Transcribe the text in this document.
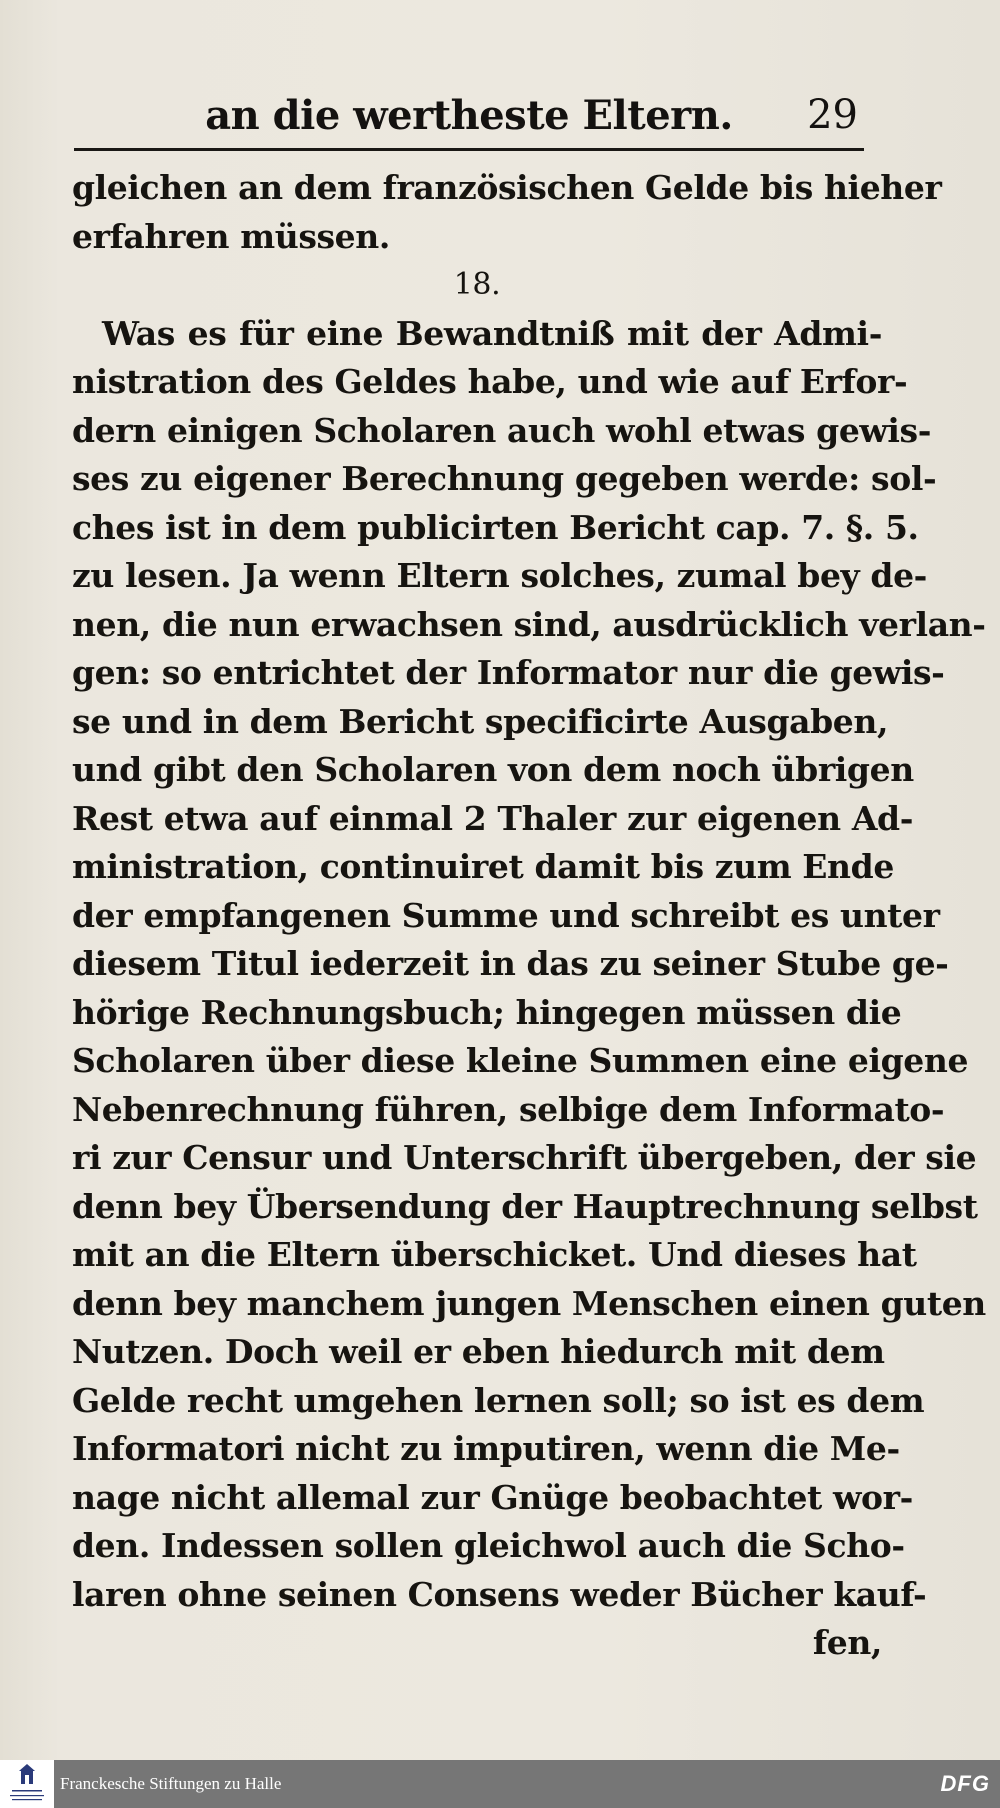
an die wertheste Eltern.	29
gleichen an dem französischen Gelde bis hieher
erfahren müssen.
18.
Was es für eine Bewandtniß mit der Admi-
nistration des Geldes habe, und wie auf Erfor-
dern einigen Scholaren auch wohl etwas gewis-
ses zu eigener Berechnung gegeben werde: sol-
ches ist in dem publicirten Bericht cap. 7. §. 5.
zu lesen. Ja wenn Eltern solches, zumal bey de-
nen, die nun erwachsen sind, ausdrücklich verlan-
gen: so entrichtet der Informator nur die gewis-
se und in dem Bericht specificirte Ausgaben,
und gibt den Scholaren von dem noch übrigen
Rest etwa auf einmal 2 Thaler zur eigenen Ad-
ministration, continuiret damit bis zum Ende
der empfangenen Summe und schreibt es unter
diesem Titul iederzeit in das zu seiner Stube ge-
hörige Rechnungsbuch; hingegen müssen die
Scholaren über diese kleine Summen eine eigene
Nebenrechnung führen, selbige dem Informato-
ri zur Censur und Unterschrift übergeben, der sie
denn bey Übersendung der Hauptrechnung selbst
mit an die Eltern überschicket. Und dieses hat
denn bey manchem jungen Menschen einen guten
Nutzen. Doch weil er eben hiedurch mit dem
Gelde recht umgehen lernen soll; so ist es dem
Informatori nicht zu imputiren, wenn die Me-
nage nicht allemal zur Gnüge beobachtet wor-
den. Indessen sollen gleichwol auch die Scho-
laren ohne seinen Consens weder Bücher kauf-
fen,
Franckesche Stiftungen zu Halle	DFG
